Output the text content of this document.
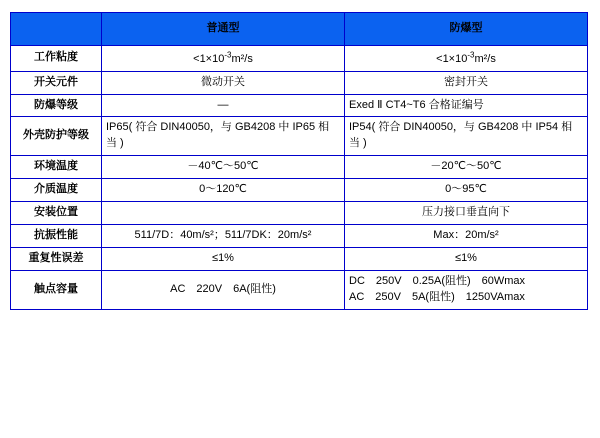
	普通型	防爆型
工作粘度	$<1\times 10^{-3}m^2/s$	$<1\times 10^{-3}m^2/s$
开关元件	微动开关	密封开关
防爆等级	—	Exed Ⅱ CT4~T6 合格证编号
外壳防护等级	IP65( 符合 DIN40050，与 GB4208 中 IP65 相当 )	IP54( 符合 DIN40050，与 GB4208 中 IP54 相当 )
环境温度	－40℃～50℃	－20℃～50℃
介质温度	0～120℃	0～95℃
安装位置		压力接口垂直向下
抗振性能	511/7D：40m/s²；511/7DK：20m/s²	Max：20m/s²
重复性误差	≤1%	≤1%
触点容量	AC　220V　6A(阻性)	DC　250V　0.25A(阻性)　60Wmax
AC　250V　5A(阻性)　1250VAmax
